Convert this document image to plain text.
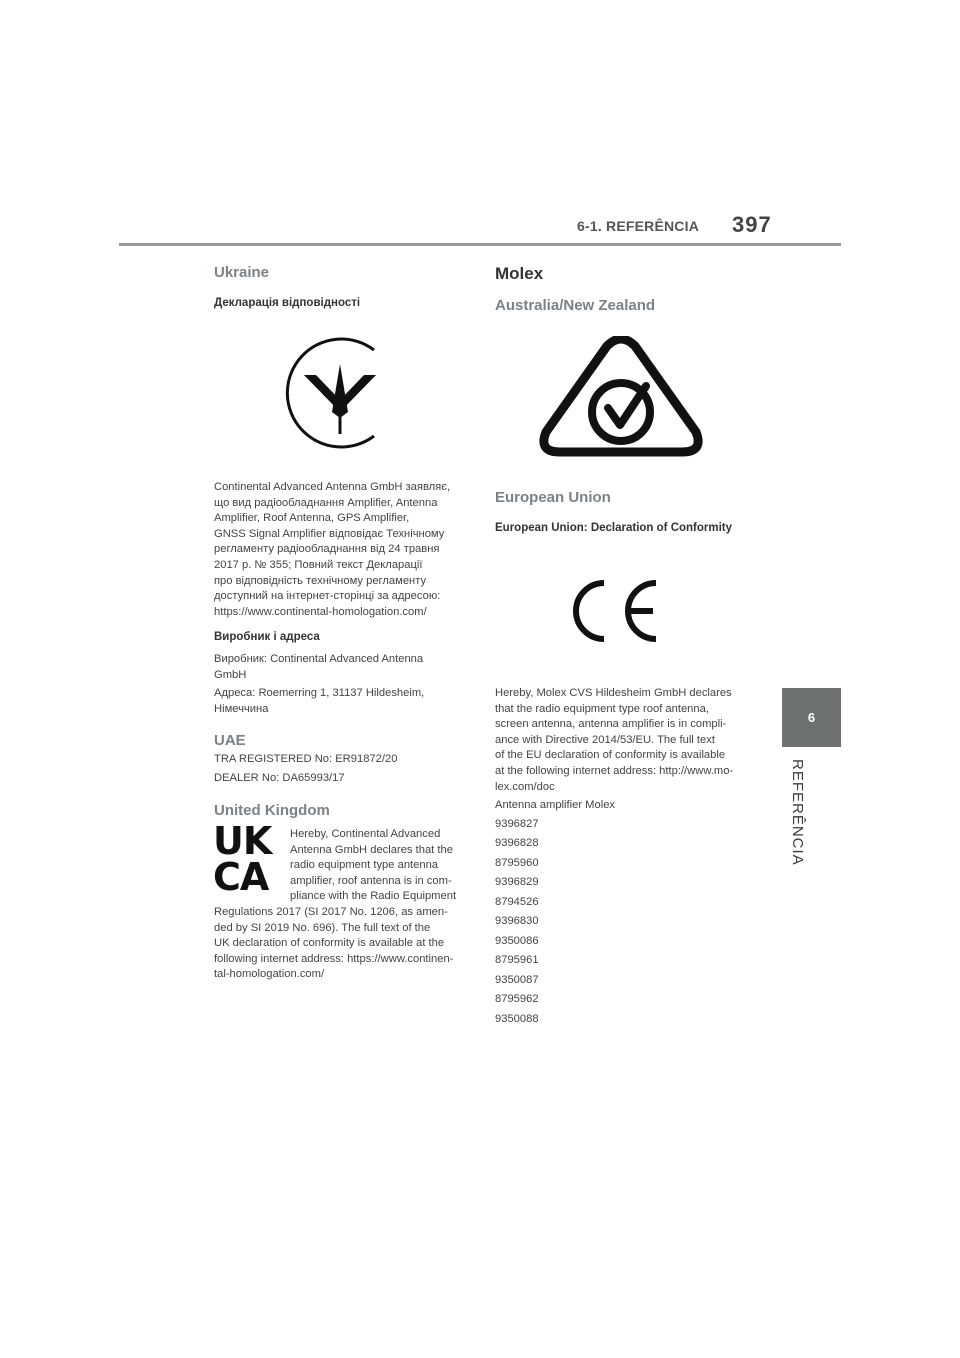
6-1. REFERÊNCIA 397
6
REFERÊNCIA
Ukraine
Декларація відповідності
Continental Advanced Antenna GmbH заявляє,
що вид радіообладнання Amplifier, Antenna
Amplifier, Roof Antenna, GPS Amplifier,
GNSS Signal Amplifier відповідає Технічному
регламенту радіообладнання від 24 травня
2017 р. № 355; Повний текст Декларації
про відповідність технічному регламенту
доступний на інтернет-сторінці за адресою:
https://www.continental-homologation.com/
Виробник і адреса
Виробник: Continental Advanced Antenna
GmbH
Адреса: Roemerring 1, 31137 Hildesheim,
Німеччина
UAE
TRA REGISTERED No: ER91872/20
DEALER No: DA65993/17
United Kingdom
UK
CA
Hereby, Continental Advanced
Antenna GmbH declares that the
radio equipment type antenna
amplifier, roof antenna is in com-
pliance with the Radio Equipment
Regulations 2017 (SI 2017 No. 1206, as amen-
ded by SI 2019 No. 696). The full text of the
UK declaration of conformity is available at the
following internet address: https://www.continen-
tal-homologation.com/
Molex
Australia/New Zealand
European Union
European Union: Declaration of Conformity
Hereby, Molex CVS Hildesheim GmbH declares
that the radio equipment type roof antenna,
screen antenna, antenna amplifier is in compli-
ance with Directive 2014/53/EU. The full text
of the EU declaration of conformity is available
at the following internet address: http://www.mo-
lex.com/doc
Antenna amplifier Molex
9396827
9396828
8795960
9396829
8794526
9396830
9350086
8795961
9350087
8795962
9350088
